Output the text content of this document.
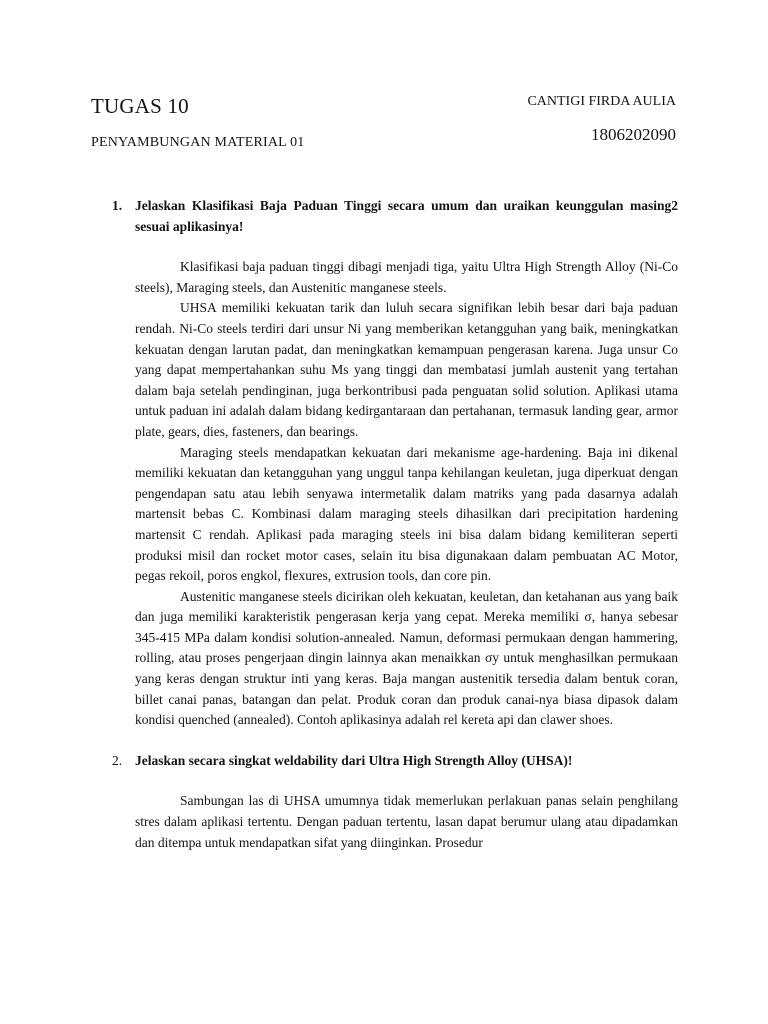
TUGAS 10
PENYAMBUNGAN MATERIAL 01
CANTIGI FIRDA AULIA
1806202090
1. Jelaskan Klasifikasi Baja Paduan Tinggi secara umum dan uraikan keunggulan masing2 sesuai aplikasinya!

Klasifikasi baja paduan tinggi dibagi menjadi tiga, yaitu Ultra High Strength Alloy (Ni-Co steels), Maraging steels, dan Austenitic manganese steels.

UHSA memiliki kekuatan tarik dan luluh secara signifikan lebih besar dari baja paduan rendah. Ni-Co steels terdiri dari unsur Ni yang memberikan ketangguhan yang baik, meningkatkan kekuatan dengan larutan padat, dan meningkatkan kemampuan pengerasan karena. Juga unsur Co yang dapat mempertahankan suhu Ms yang tinggi dan membatasi jumlah austenit yang tertahan dalam baja setelah pendinginan, juga berkontribusi pada penguatan solid solution. Aplikasi utama untuk paduan ini adalah dalam bidang kedirgantaraan dan pertahanan, termasuk landing gear, armor plate, gears, dies, fasteners, dan bearings.

Maraging steels mendapatkan kekuatan dari mekanisme age-hardening. Baja ini dikenal memiliki kekuatan dan ketangguhan yang unggul tanpa kehilangan keuletan, juga diperkuat dengan pengendapan satu atau lebih senyawa intermetalik dalam matriks yang pada dasarnya adalah martensit bebas C. Kombinasi dalam maraging steels dihasilkan dari precipitation hardening martensit C rendah. Aplikasi pada maraging steels ini bisa dalam bidang kemiliteran seperti produksi misil dan rocket motor cases, selain itu bisa digunakaan dalam pembuatan AC Motor, pegas rekoil, poros engkol, flexures, extrusion tools, dan core pin.

Austenitic manganese steels dicirikan oleh kekuatan, keuletan, dan ketahanan aus yang baik dan juga memiliki karakteristik pengerasan kerja yang cepat. Mereka memiliki σ, hanya sebesar 345-415 MPa dalam kondisi solution-annealed. Namun, deformasi permukaan dengan hammering, rolling, atau proses pengerjaan dingin lainnya akan menaikkan σy untuk menghasilkan permukaan yang keras dengan struktur inti yang keras. Baja mangan austenitik tersedia dalam bentuk coran, billet canai panas, batangan dan pelat. Produk coran dan produk canai-nya biasa dipasok dalam kondisi quenched (annealed). Contoh aplikasinya adalah rel kereta api dan clawer shoes.

2. Jelaskan secara singkat weldability dari Ultra High Strength Alloy (UHSA)!

Sambungan las di UHSA umumnya tidak memerlukan perlakuan panas selain penghilang stres dalam aplikasi tertentu. Dengan paduan tertentu, lasan dapat berumur ulang atau dipadamkan dan ditempa untuk mendapatkan sifat yang diinginkan. Prosedur
